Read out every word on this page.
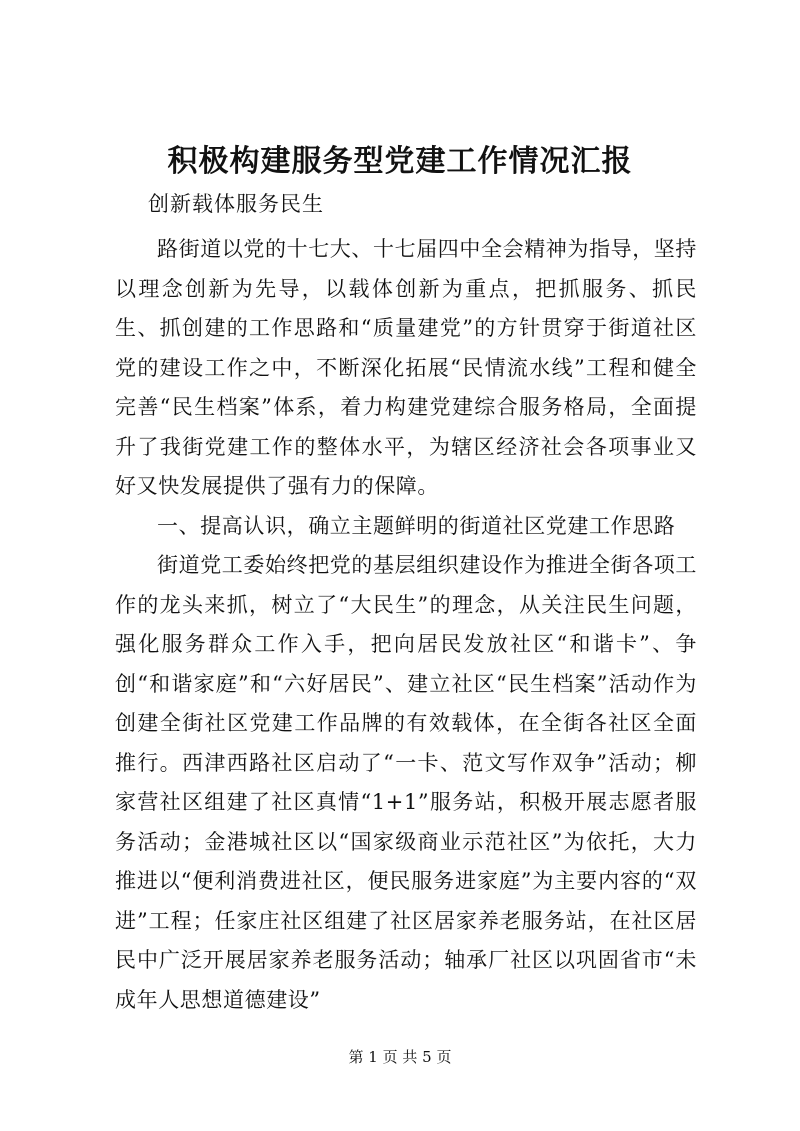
积极构建服务型党建工作情况汇报

创新载体服务民生

路街道以党的十七大、十七届四中全会精神为指导，坚持以理念创新为先导，以载体创新为重点，把抓服务、抓民生、抓创建的工作思路和“质量建党”的方针贯穿于街道社区党的建设工作之中，不断深化拓展“民情流水线”工程和健全完善“民生档案”体系，着力构建党建综合服务格局，全面提升了我街党建工作的整体水平，为辖区经济社会各项事业又好又快发展提供了强有力的保障。

一、提高认识，确立主题鲜明的街道社区党建工作思路

街道党工委始终把党的基层组织建设作为推进全街各项工作的龙头来抓，树立了“大民生”的理念，从关注民生问题，强化服务群众工作入手，把向居民发放社区“和谐卡”、争创“和谐家庭”和“六好居民”、建立社区“民生档案”活动作为创建全街社区党建工作品牌的有效载体，在全街各社区全面推行。西津西路社区启动了“一卡、范文写作双争”活动；柳家营社区组建了社区真情“1+1”服务站，积极开展志愿者服务活动；金港城社区以“国家级商业示范社区”为依托，大力推进以“便利消费进社区，便民服务进家庭”为主要内容的“双进”工程；任家庄社区组建了社区居家养老服务站，在社区居民中广泛开展居家养老服务活动；轴承厂社区以巩固省市“未成年人思想道德建设”

第 1 页 共 5 页
